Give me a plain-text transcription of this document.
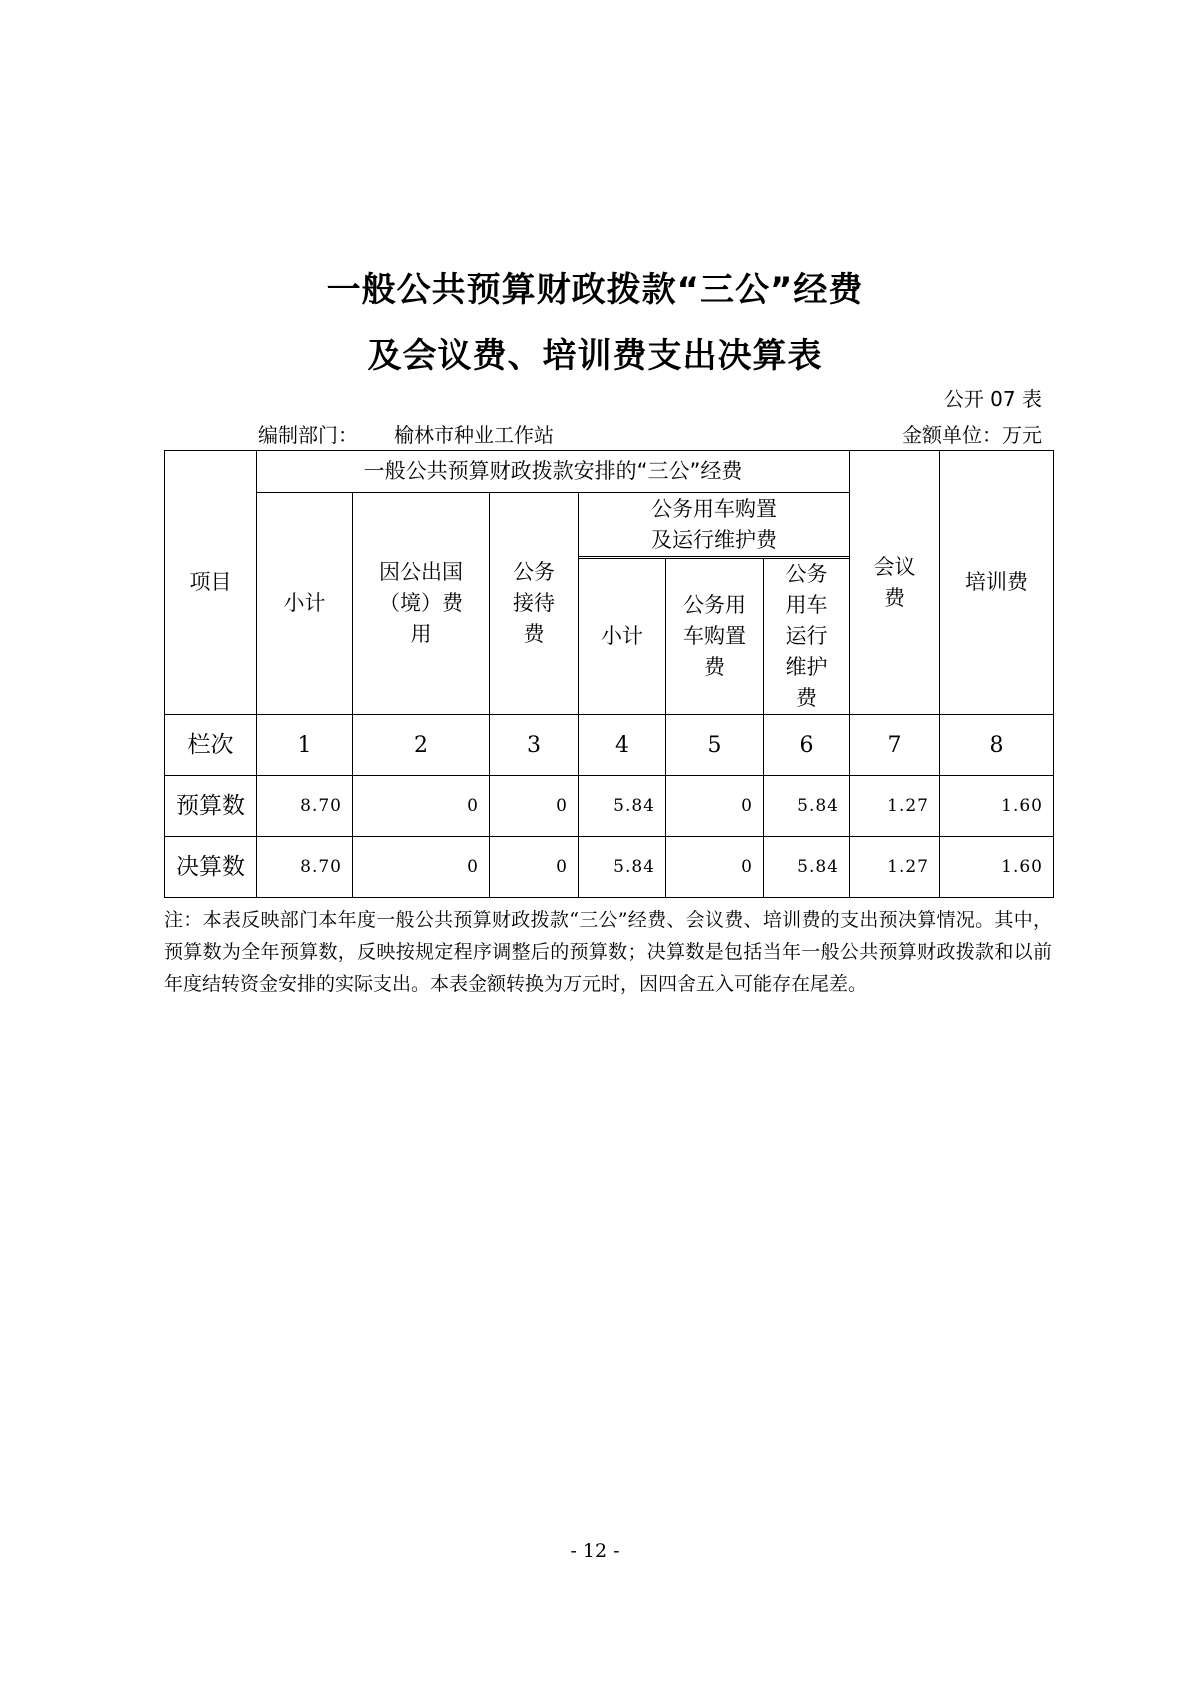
一般公共预算财政拨款“三公”经费
及会议费、培训费支出决算表
公开 07 表
编制部门： 榆林市种业工作站	金额单位：万元
项目	一般公共预算财政拨款安排的“三公”经费						会议费	培训费
	小计	因公出国（境）费用	公务接待费	公务用车购置及运行维护费				

				小计	公务用车购置费	公务用车运行维护费		

栏次	1	2	3	4	5	6	7	8
预算数	8.70	0	0	5.84	0	5.84	1.27	1.60
决算数	8.70	0	0	5.84	0	5.84	1.27	1.60
注：本表反映部门本年度一般公共预算财政拨款“三公”经费、会议费、培训费的支出预决算情况。其中，预算数为全年预算数，反映按规定程序调整后的预算数；决算数是包括当年一般公共预算财政拨款和以前年度结转资金安排的实际支出。本表金额转换为万元时，因四舍五入可能存在尾差。
- 12 -
